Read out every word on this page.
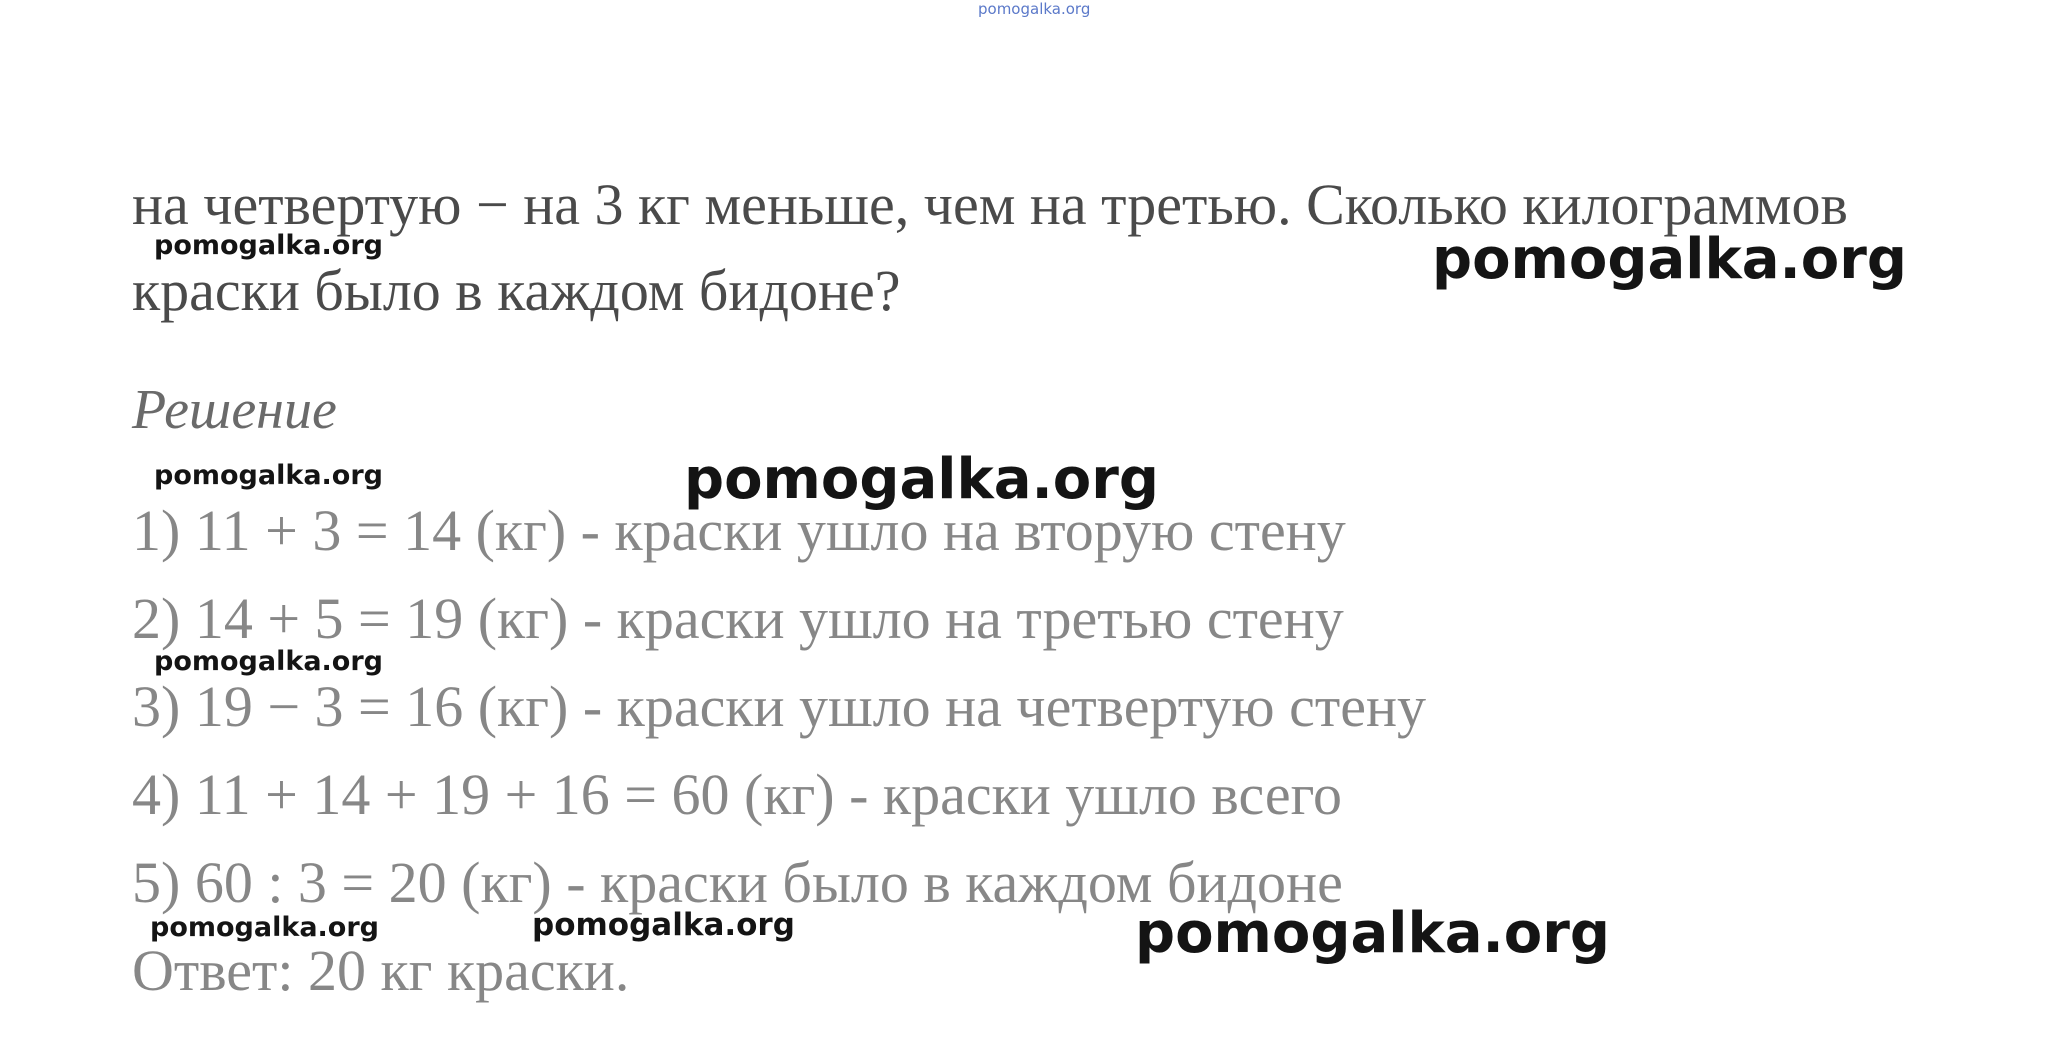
pomogalka.org
на четвертую − на 3 кг меньше, чем на третью. Сколько килограммов
краски было в каждом бидоне?
Решение
1) 11 + 3 = 14 (кг) - краски ушло на вторую стену
2) 14 + 5 = 19 (кг) - краски ушло на третью стену
3) 19 − 3 = 16 (кг) - краски ушло на четвертую стену
4) 11 + 14 + 19 + 16 = 60 (кг) - краски ушло всего
5) 60 : 3 = 20 (кг) - краски было в каждом бидоне
Ответ: 20 кг краски.
pomogalka.org	pomogalka.org
pomogalka.org	pomogalka.org
pomogalka.org
pomogalka.org	pomogalka.org	pomogalka.org
